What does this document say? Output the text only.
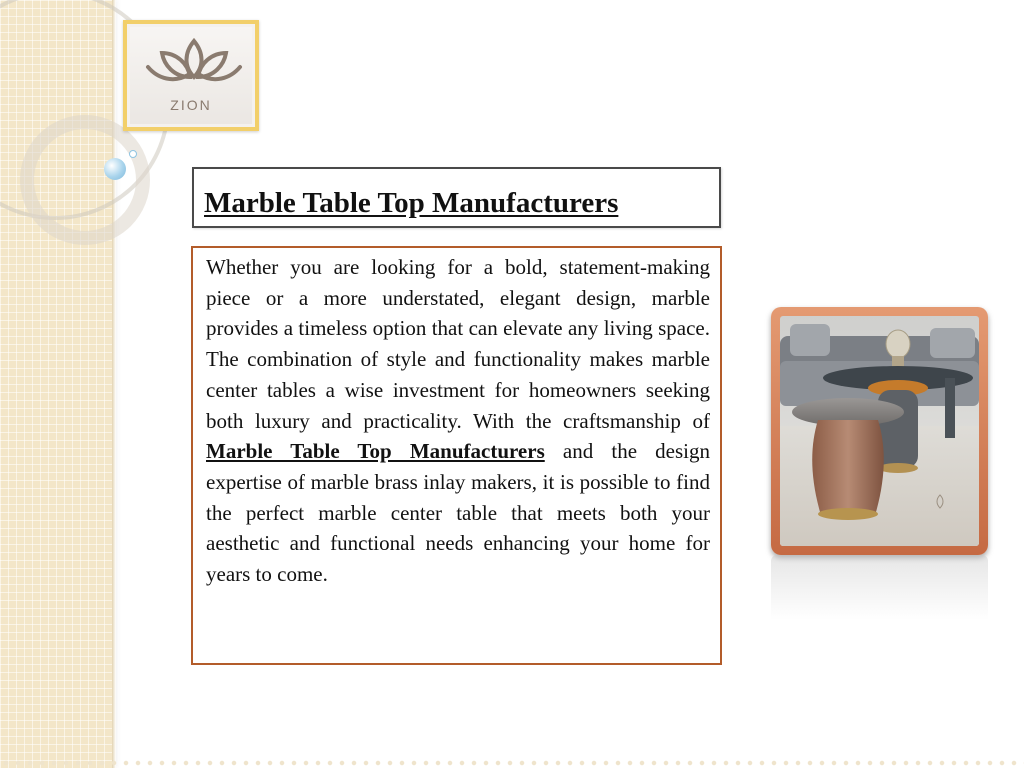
ZION
Marble Table Top Manufacturers

Whether you are looking for a bold, statement-making piece or a more understated, elegant design, marble provides a timeless option that can elevate any living space. The combination of style and functionality makes marble center tables a wise investment for homeowners seeking both luxury and practicality. With the craftsmanship of Marble Table Top Manufacturers and the design expertise of marble brass inlay makers, it is possible to find the perfect marble center table that meets both your aesthetic and functional needs enhancing your home for years to come.
